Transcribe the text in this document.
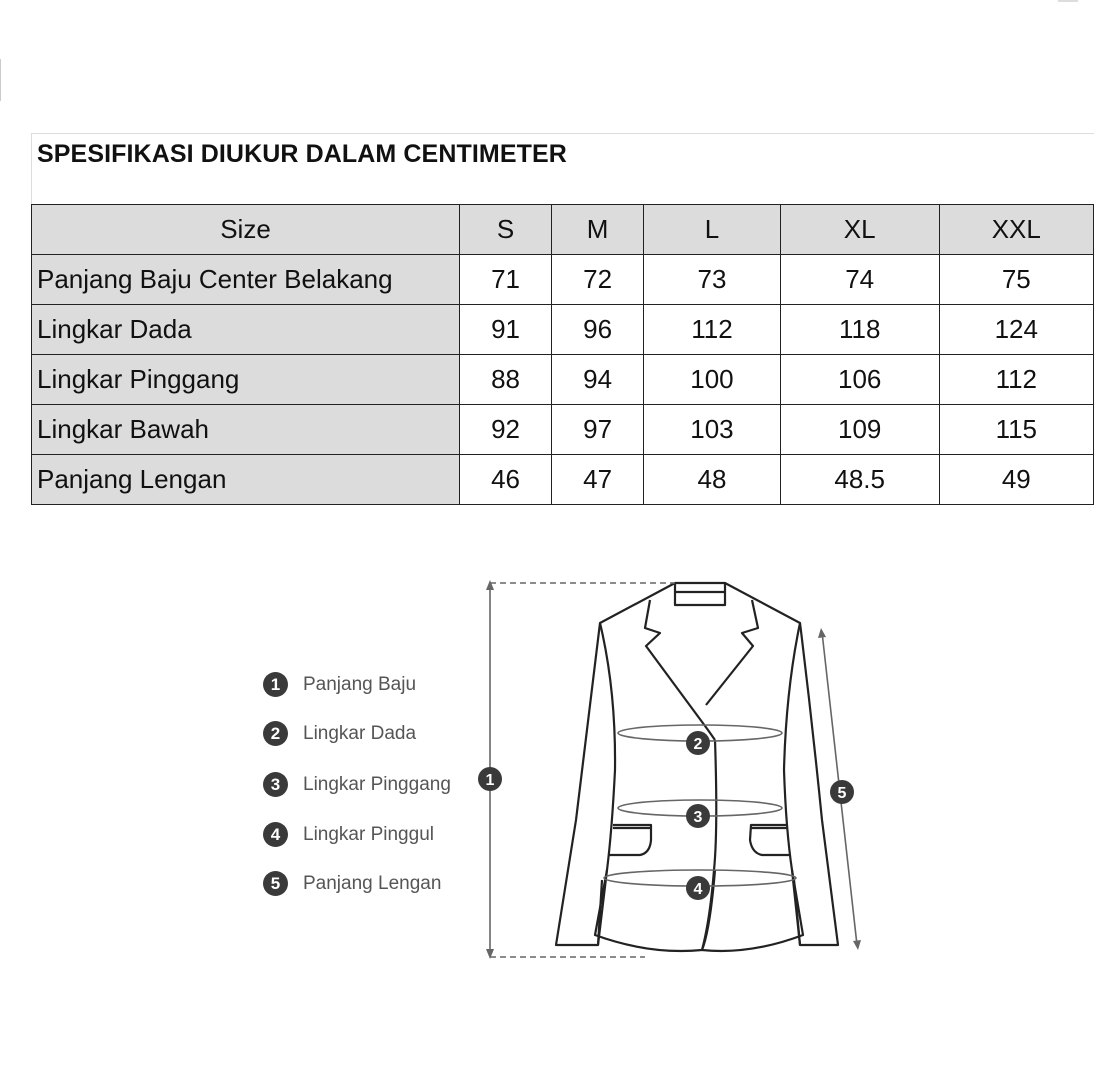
SPESIFIKASI DIUKUR DALAM CENTIMETER
Size	S	M	L	XL	XXL
Panjang Baju Center Belakang	71	72	73	74	75
Lingkar Dada	91	96	112	118	124
Lingkar Pinggang	88	94	100	106	112
Lingkar Bawah	92	97	103	109	115
Panjang Lengan	46	47	48	48.5	49
1	Panjang Baju
2	Lingkar Dada
3	Lingkar Pinggang
4	Lingkar Pinggul
5	Panjang Lengan
1
2
3
4
5
